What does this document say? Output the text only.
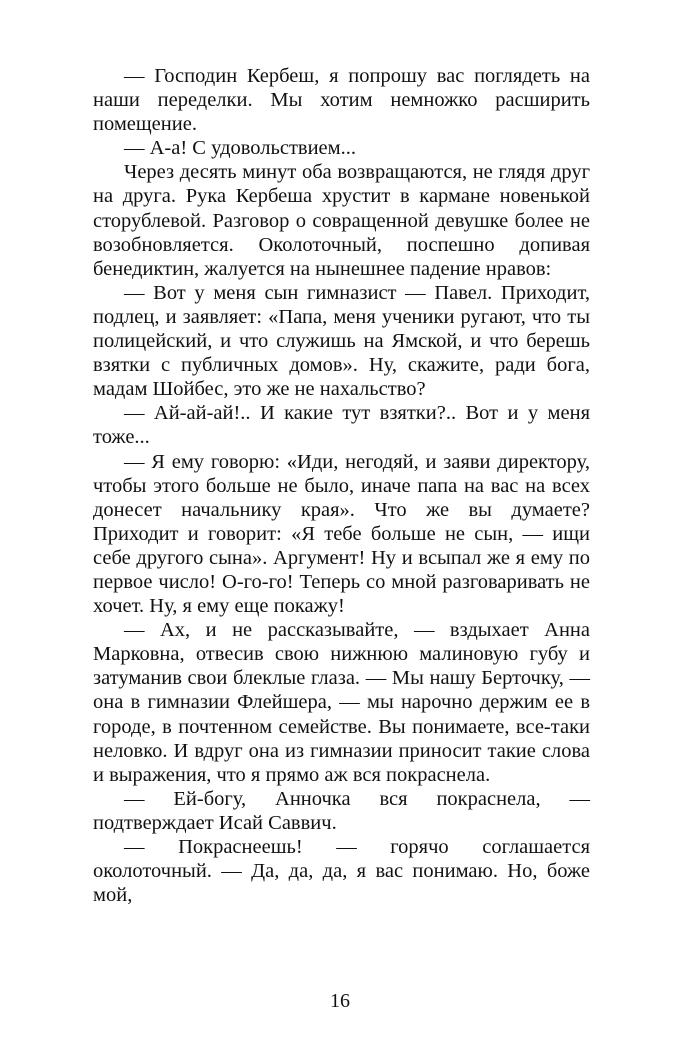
— Господин Кербеш, я попрошу вас поглядеть на наши переделки. Мы хотим немножко расширить помещение.

— А-а! С удовольствием...

Через десять минут оба возвращаются, не глядя друг на друга. Рука Кербеша хрустит в кармане новенькой сторублевой. Разговор о совращенной девушке более не возобновляется. Околоточный, поспешно допивая бенедиктин, жалуется на нынешнее падение нравов:

— Вот у меня сын гимназист — Павел. Приходит, подлец, и заявляет: «Папа, меня ученики ругают, что ты полицейский, и что служишь на Ямской, и что берешь взятки с публичных домов». Ну, скажите, ради бога, мадам Шойбес, это же не нахальство?

— Ай-ай-ай!.. И какие тут взятки?.. Вот и у меня тоже...

— Я ему говорю: «Иди, негодяй, и заяви директору, чтобы этого больше не было, иначе папа на вас на всех донесет начальнику края». Что же вы думаете? Приходит и говорит: «Я тебе больше не сын, — ищи себе другого сына». Аргумент! Ну и всыпал же я ему по первое число! О-го-го! Теперь со мной разговаривать не хочет. Ну, я ему еще покажу!

— Ах, и не рассказывайте, — вздыхает Анна Марковна, отвесив свою нижнюю малиновую губу и затуманив свои блеклые глаза. — Мы нашу Берточку, — она в гимназии Флейшера, — мы нарочно держим ее в городе, в почтенном семействе. Вы понимаете, все-таки неловко. И вдруг она из гимназии приносит такие слова и выражения, что я прямо аж вся покраснела.

— Ей-богу, Анночка вся покраснела, — подтверждает Исай Саввич.

— Покраснеешь! — горячо соглашается околоточный. — Да, да, да, я вас понимаю. Но, боже мой,

16
